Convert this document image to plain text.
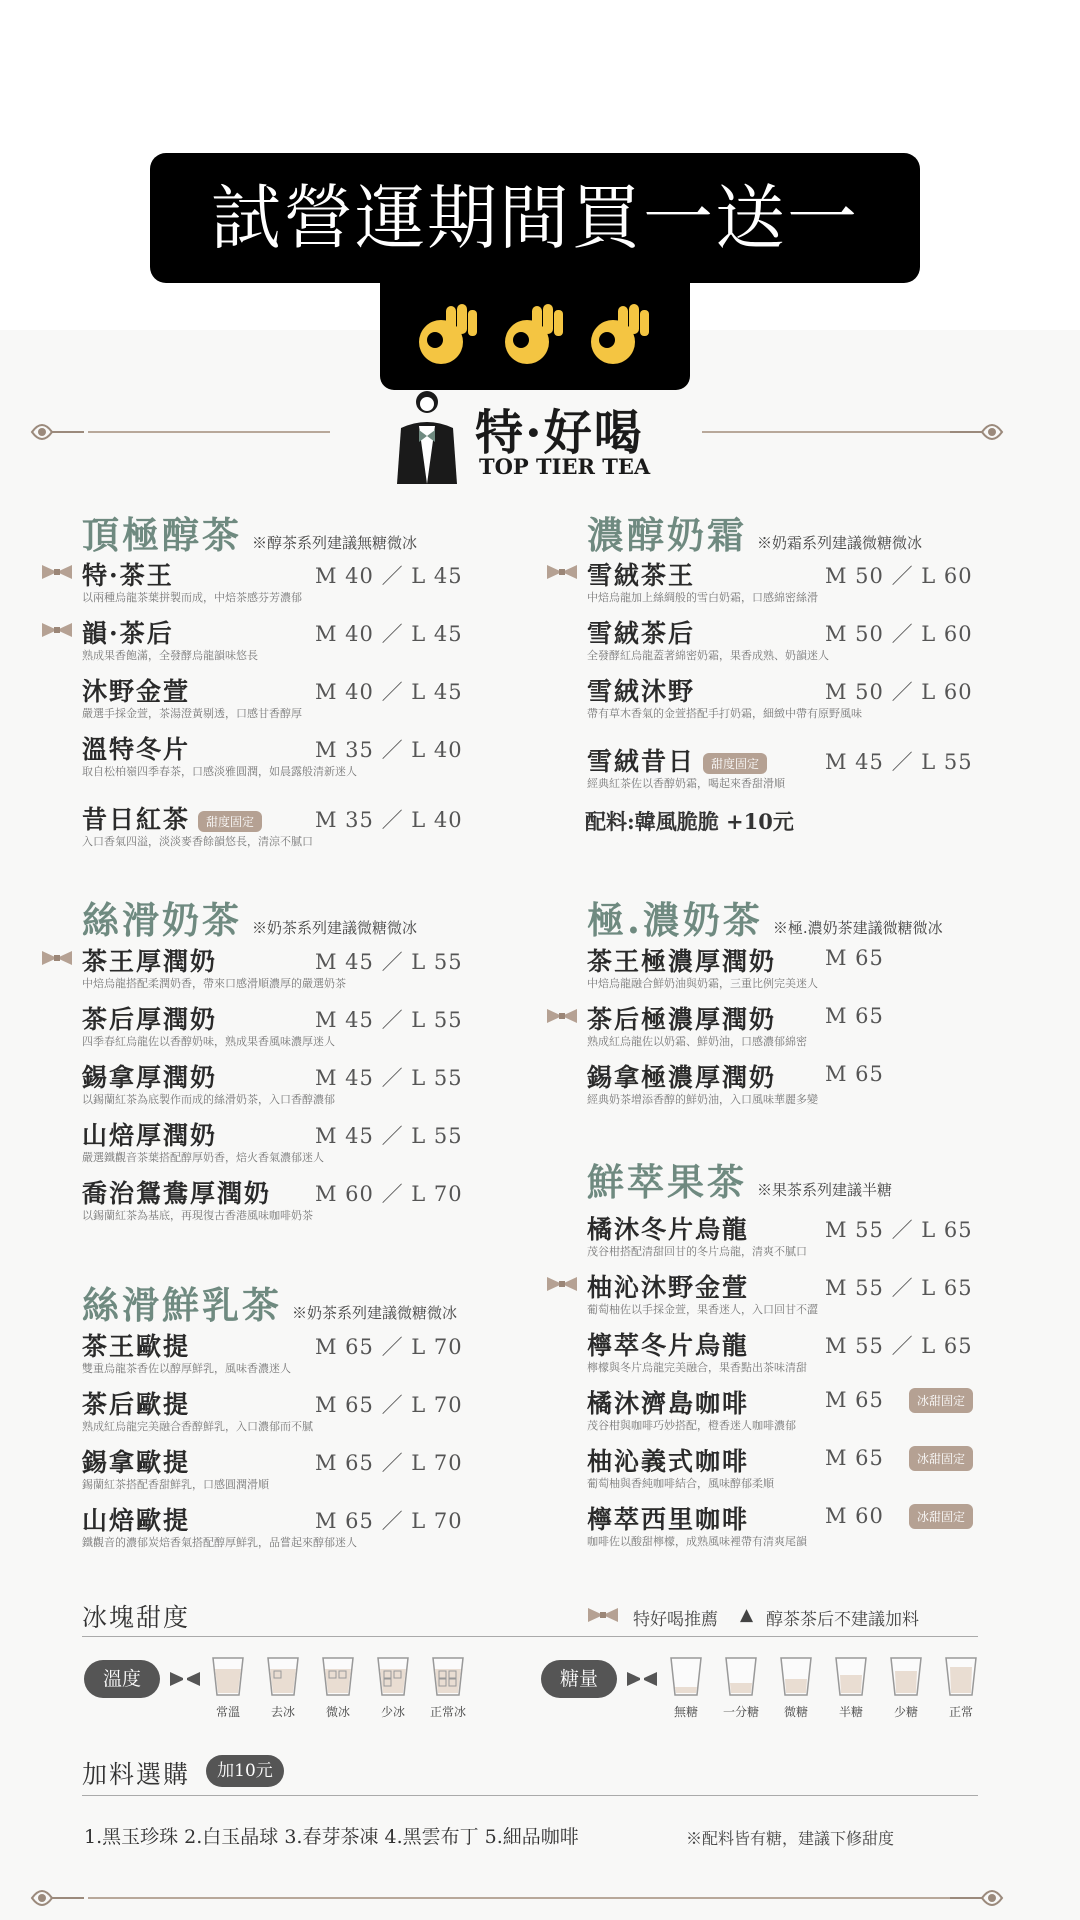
試營運期間買一送一
特·好喝
TOP TIER TEA
頂極醇茶 ※醇茶系列建議無糖微冰
特·茶王
以兩種烏龍茶葉拼製而成，中焙茶感芬芳濃郁
M 40 ／ L 45
韻·茶后
熟成果香飽滿，全發酵烏龍韻味悠長
M 40 ／ L 45
沐野金萱
嚴選手採金萱，茶湯澄黃剔透，口感甘香醇厚
M 40 ／ L 45
溫特冬片
取自松柏嶺四季春茶，口感淡雅圓潤，如晨露般清新迷人
M 35 ／ L 40
昔日紅茶 甜度固定
入口香氣四溢，淡淡麥香餘韻悠長，清涼不膩口
M 35 ／ L 40
絲滑奶茶 ※奶茶系列建議微糖微冰
茶王厚潤奶
中焙烏龍搭配柔潤奶香，帶來口感滑順濃厚的嚴選奶茶
M 45 ／ L 55
茶后厚潤奶
四季春紅烏龍佐以香醇奶味，熟成果香風味濃厚迷人
M 45 ／ L 55
錫拿厚潤奶
以錫蘭紅茶為底製作而成的絲滑奶茶，入口香醇濃郁
M 45 ／ L 55
山焙厚潤奶
嚴選鐵觀音茶葉搭配醇厚奶香，焙火香氣濃郁迷人
M 45 ／ L 55
喬治鴛鴦厚潤奶
以錫蘭紅茶為基底，再現復古香港風味咖啡奶茶
M 60 ／ L 70
絲滑鮮乳茶 ※奶茶系列建議微糖微冰
茶王歐提
雙重烏龍茶香佐以醇厚鮮乳，風味香濃迷人
M 65 ／ L 70
茶后歐提
熟成紅烏龍完美融合香醇鮮乳，入口濃郁而不膩
M 65 ／ L 70
錫拿歐提
錫蘭紅茶搭配香甜鮮乳，口感圓潤滑順
M 65 ／ L 70
山焙歐提
鐵觀音的濃郁炭焙香氣搭配醇厚鮮乳，品嘗起來醇郁迷人
M 65 ／ L 70
濃醇奶霜 ※奶霜系列建議微糖微冰
雪絨茶王
中焙烏龍加上絲綢般的雪白奶霜，口感綿密絲滑
M 50 ／ L 60
雪絨茶后
全發酵紅烏龍蓋著綿密奶霜，果香成熟、奶韻迷人
M 50 ／ L 60
雪絨沐野
帶有草木香氣的金萱搭配手打奶霜，細緻中帶有原野風味
M 50 ／ L 60
雪絨昔日 甜度固定
經典紅茶佐以香醇奶霜，喝起來香甜滑順
M 45 ／ L 55
極.濃奶茶 ※極.濃奶茶建議微糖微冰
茶王極濃厚潤奶
中焙烏龍融合鮮奶油與奶霜，三重比例完美迷人
M 65
茶后極濃厚潤奶
熟成紅烏龍佐以奶霜、鮮奶油，口感濃郁綿密
M 65
錫拿極濃厚潤奶
經典奶茶增添香醇的鮮奶油，入口風味華麗多變
M 65
鮮萃果茶 ※果茶系列建議半糖
橘沐冬片烏龍
茂谷柑搭配清甜回甘的冬片烏龍，清爽不膩口
M 55 ／ L 65
柚沁沐野金萱
葡萄柚佐以手採金萱，果香迷人，入口回甘不澀
M 55 ／ L 65
檸萃冬片烏龍
檸檬與冬片烏龍完美融合，果香點出茶味清甜
M 55 ／ L 65
橘沐濟島咖啡
茂谷柑與咖啡巧妙搭配，橙香迷人咖啡濃郁
M 65	冰甜固定
柚沁義式咖啡
葡萄柚與香純咖啡結合，風味醇郁柔順
M 65	冰甜固定
檸萃西里咖啡
咖啡佐以酸甜檸檬，成熟風味裡帶有清爽尾韻
M 60	冰甜固定
配料:韓風脆脆 +10元
冰塊甜度	特好喝推薦 ▲ 醇茶茶后不建議加料
溫度	糖量
常溫	去冰	微冰	少冰	正常冰	無糖	一分糖	微糖	半糖	少糖	正常
加料選購	加10元
1.黑玉珍珠 2.白玉晶球 3.春芽茶凍 4.黑雲布丁 5.細品咖啡	※配料皆有糖，建議下修甜度
